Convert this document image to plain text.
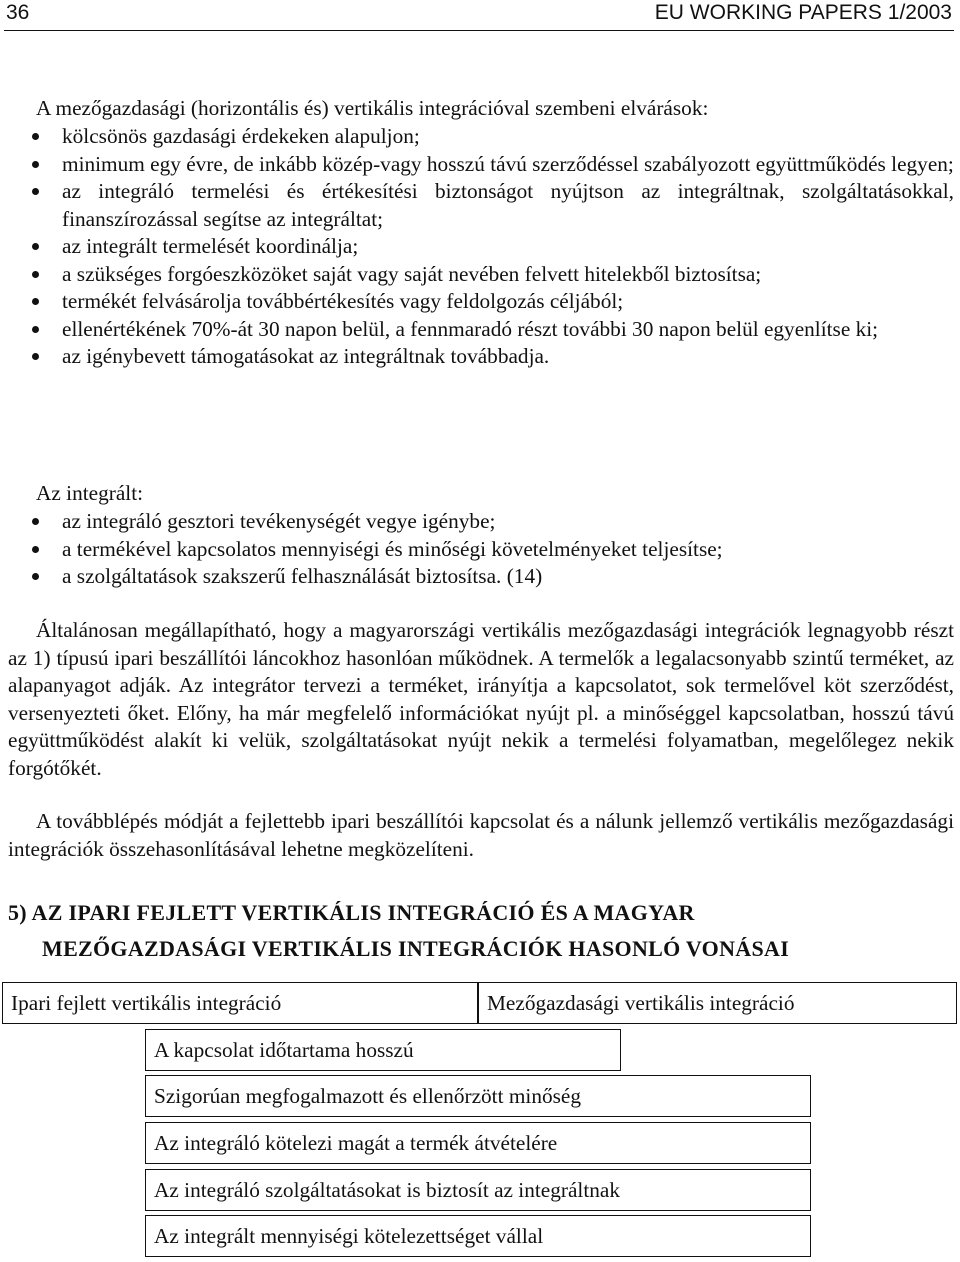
36	EU WORKING PAPERS 1/2003

A mezőgazdasági (horizontális és) vertikális integrációval szembeni elvárások:

kölcsönös gazdasági érdekeken alapuljon;
minimum egy évre, de inkább közép-vagy hosszú távú szerződéssel szabályozott együttműködés legyen;
az integráló termelési és értékesítési biztonságot nyújtson az integráltnak, szolgáltatásokkal, finanszírozással segítse az integráltat;
az integrált termelését koordinálja;
a szükséges forgóeszközöket saját vagy saját nevében felvett hitelekből biztosítsa;
termékét felvásárolja továbbértékesítés vagy feldolgozás céljából;
ellenértékének 70%-át 30 napon belül, a fennmaradó részt további 30 napon belül egyenlítse ki;
az igénybevett támogatásokat az integráltnak továbbadja.

Az integrált:

az integráló gesztori tevékenységét vegye igénybe;
a termékével kapcsolatos mennyiségi és minőségi követelményeket teljesítse;
a szolgáltatások szakszerű felhasználását biztosítsa. (14)

Általánosan megállapítható, hogy a magyarországi vertikális mezőgazdasági integrációk legnagyobb részt az 1) típusú ipari beszállítói láncokhoz hasonlóan működnek. A termelők a legalacsonyabb szintű terméket, az alapanyagot adják. Az integrátor tervezi a terméket, irányítja a kapcsolatot, sok termelővel köt szerződést, versenyezteti őket. Előny, ha már megfelelő információkat nyújt pl. a minőséggel kapcsolatban, hosszú távú együttműködést alakít ki velük, szolgáltatásokat nyújt nekik a termelési folyamatban, megelőlegez nekik forgótőkét.

A továbblépés módját a fejlettebb ipari beszállítói kapcsolat és a nálunk jellemző vertikális mezőgazdasági integrációk összehasonlításával lehetne megközelíteni.

5) AZ IPARI FEJLETT VERTIKÁLIS INTEGRÁCIÓ ÉS A MAGYAR
MEZŐGAZDASÁGI VERTIKÁLIS INTEGRÁCIÓK HASONLÓ VONÁSAI
Ipari fejlett vertikális integráció	Mezőgazdasági vertikális integráció
A kapcsolat időtartama hosszú
Szigorúan megfogalmazott és ellenőrzött minőség
Az integráló kötelezi magát a termék átvételére
Az integráló szolgáltatásokat is biztosít az integráltnak
Az integrált mennyiségi kötelezettséget vállal
